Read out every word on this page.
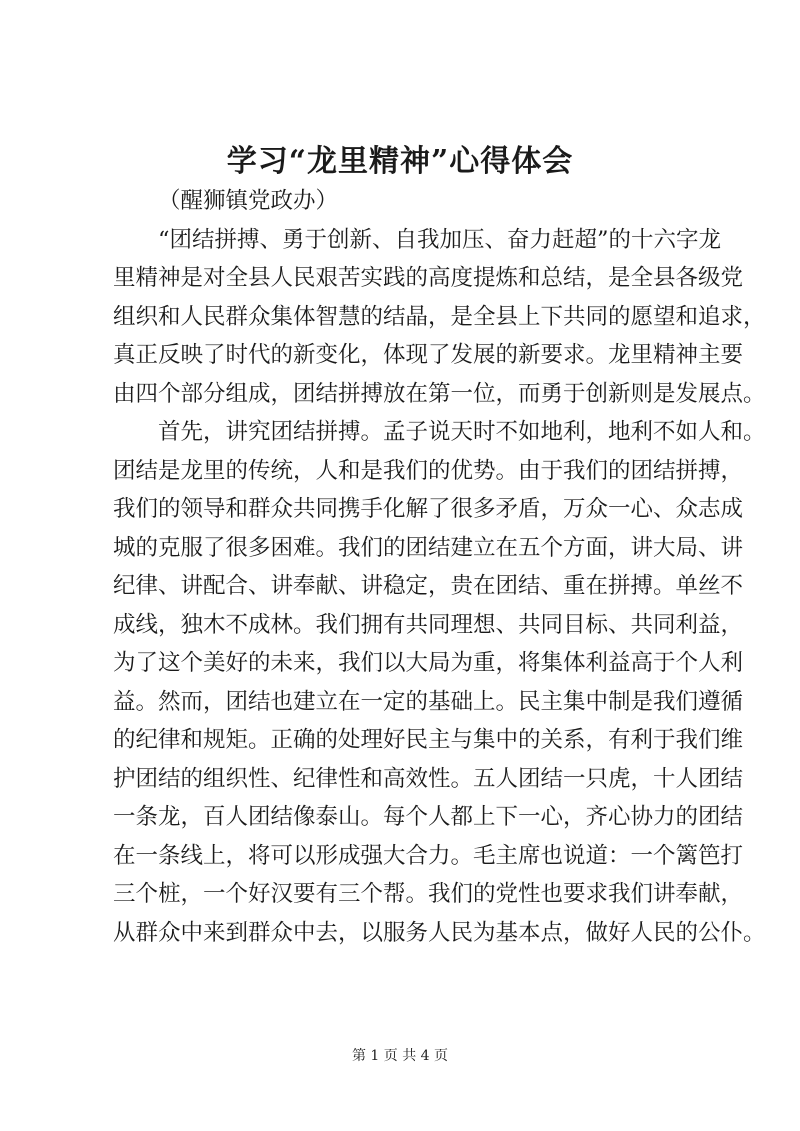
学习“龙里精神”心得体会
（醒狮镇党政办）
“团结拼搏、勇于创新、自我加压、奋力赶超”的十六字龙
里精神是对全县人民艰苦实践的高度提炼和总结，是全县各级党
组织和人民群众集体智慧的结晶，是全县上下共同的愿望和追求，
真正反映了时代的新变化，体现了发展的新要求。龙里精神主要
由四个部分组成，团结拼搏放在第一位，而勇于创新则是发展点。
首先，讲究团结拼搏。孟子说天时不如地利，地利不如人和。
团结是龙里的传统，人和是我们的优势。由于我们的团结拼搏，
我们的领导和群众共同携手化解了很多矛盾，万众一心、众志成
城的克服了很多困难。我们的团结建立在五个方面，讲大局、讲
纪律、讲配合、讲奉献、讲稳定，贵在团结、重在拼搏。单丝不
成线，独木不成林。我们拥有共同理想、共同目标、共同利益，
为了这个美好的未来，我们以大局为重，将集体利益高于个人利
益。然而，团结也建立在一定的基础上。民主集中制是我们遵循
的纪律和规矩。正确的处理好民主与集中的关系，有利于我们维
护团结的组织性、纪律性和高效性。五人团结一只虎，十人团结
一条龙，百人团结像泰山。每个人都上下一心，齐心协力的团结
在一条线上，将可以形成强大合力。毛主席也说道：一个篱笆打
三个桩，一个好汉要有三个帮。我们的党性也要求我们讲奉献，
从群众中来到群众中去，以服务人民为基本点，做好人民的公仆。
第 1 页 共 4 页
